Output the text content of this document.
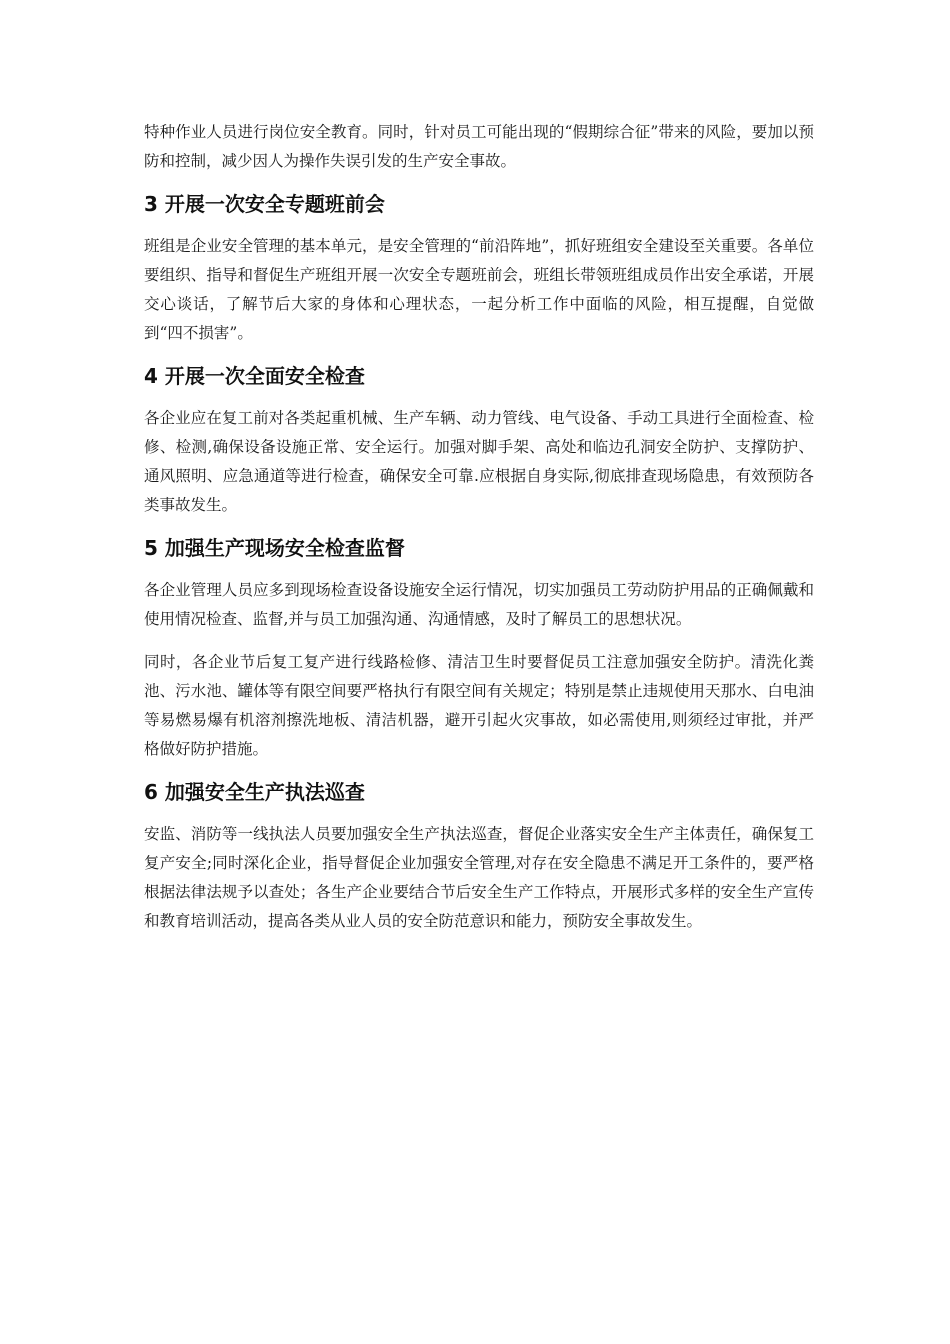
特种作业人员进行岗位安全教育。同时，针对员工可能出现的“假期综合征”带来的风险，要加以预防和控制，减少因人为操作失误引发的生产安全事故。

3 开展一次安全专题班前会

班组是企业安全管理的基本单元，是安全管理的“前沿阵地”，抓好班组安全建设至关重要。各单位要组织、指导和督促生产班组开展一次安全专题班前会，班组长带领班组成员作出安全承诺，开展交心谈话，了解节后大家的身体和心理状态，一起分析工作中面临的风险，相互提醒，自觉做到“四不损害”。

4 开展一次全面安全检查

各企业应在复工前对各类起重机械、生产车辆、动力管线、电气设备、手动工具进行全面检查、检修、检测,确保设备设施正常、安全运行。加强对脚手架、高处和临边孔洞安全防护、支撑防护、通风照明、应急通道等进行检查，确保安全可靠.应根据自身实际,彻底排查现场隐患，有效预防各类事故发生。

5 加强生产现场安全检查监督

各企业管理人员应多到现场检查设备设施安全运行情况，切实加强员工劳动防护用品的正确佩戴和使用情况检查、监督,并与员工加强沟通、沟通情感，及时了解员工的思想状况。

同时，各企业节后复工复产进行线路检修、清洁卫生时要督促员工注意加强安全防护。清洗化粪池、污水池、罐体等有限空间要严格执行有限空间有关规定；特别是禁止违规使用天那水、白电油等易燃易爆有机溶剂擦洗地板、清洁机器，避开引起火灾事故，如必需使用,则须经过审批，并严格做好防护措施。

6 加强安全生产执法巡查

安监、消防等一线执法人员要加强安全生产执法巡查，督促企业落实安全生产主体责任，确保复工复产安全;同时深化企业，指导督促企业加强安全管理,对存在安全隐患不满足开工条件的，要严格根据法律法规予以查处；各生产企业要结合节后安全生产工作特点，开展形式多样的安全生产宣传和教育培训活动，提高各类从业人员的安全防范意识和能力，预防安全事故发生。
